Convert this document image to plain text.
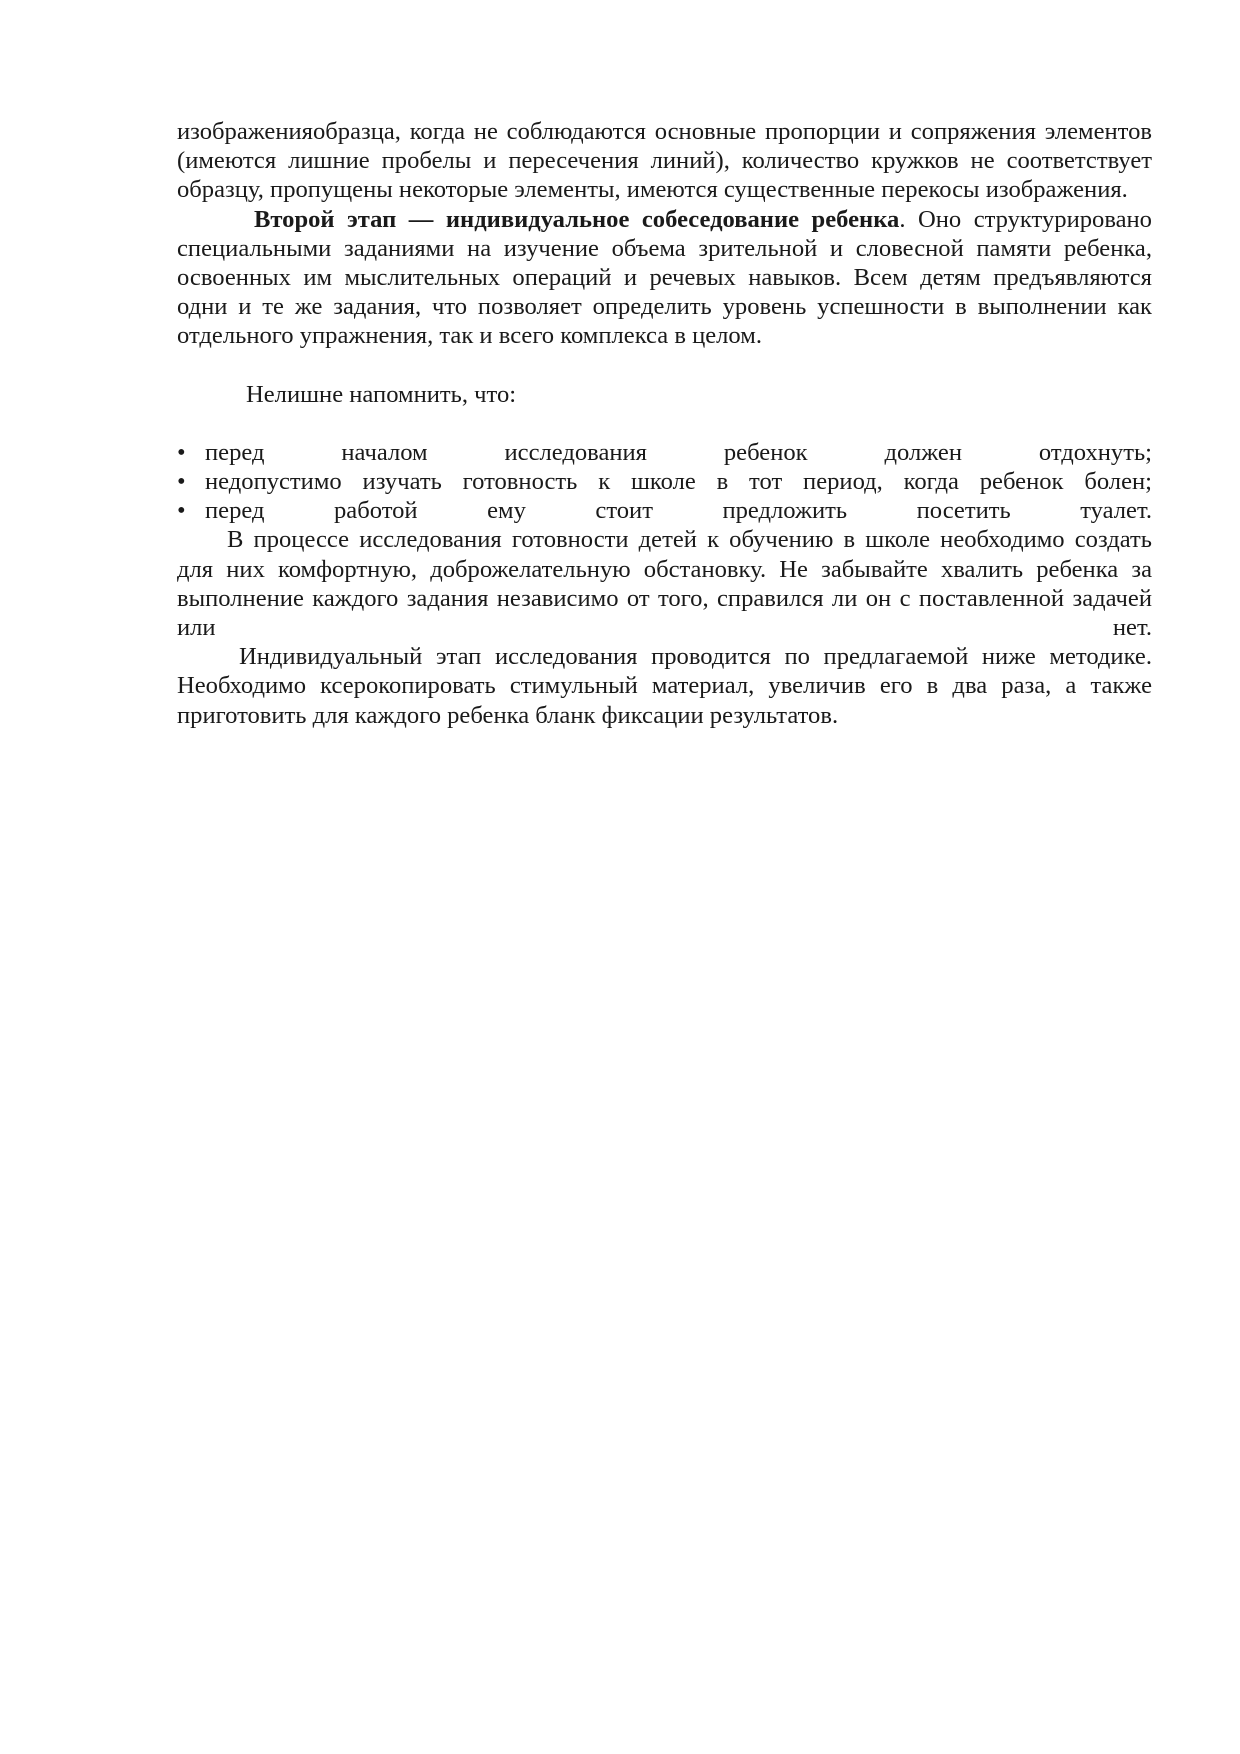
изображенияобразца, когда не соблюдаются основные пропорции и сопряжения элементов (имеются лишние пробелы и пересечения линий), количество кружков не соответствует образцу, пропущены некоторые элементы, имеются существенные перекосы изображения.

Второй этап — индивидуальное собеседование ребенка. Оно структурировано специальными заданиями на изучение объема зрительной и словесной памяти ребенка, освоенных им мыслительных операций и речевых навыков. Всем детям предъявляются одни и те же задания, что позволяет определить уровень успешности в выполнении как отдельного упражнения, так и всего комплекса в целом.

Нелишне напомнить, что:

• перед началом исследования ребенок должен отдохнуть;
• недопустимо изучать готовность к школе в тот период, когда ребенок болен;
• перед работой ему стоит предложить посетить туалет.

В процессе исследования готовности детей к обучению в школе необходимо создать для них комфортную, доброжелательную обстановку. Не забывайте хвалить ребенка за выполнение каждого задания независимо от того, справился ли он с поставленной задачей или нет.

Индивидуальный этап исследования проводится по предлагаемой ниже методике. Необходимо ксерокопировать стимульный материал, увеличив его в два раза, а также приготовить для каждого ребенка бланк фиксации результатов.
